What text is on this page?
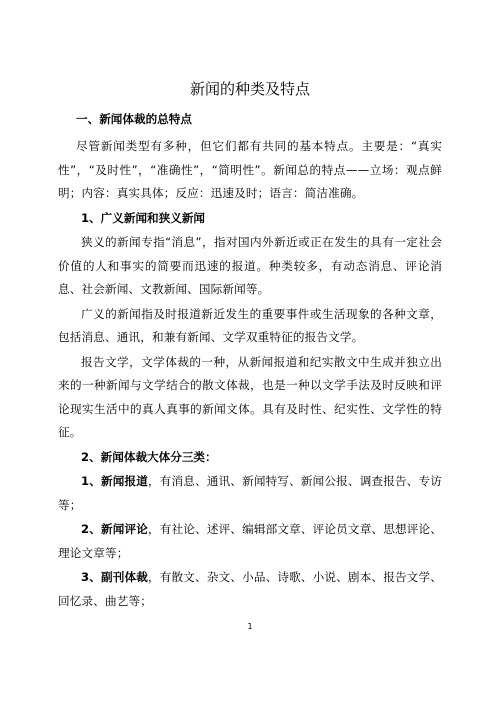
新闻的种类及特点
一、新闻体裁的总特点

尽管新闻类型有多种，但它们都有共同的基本特点。主要是：“真实性”，“及时性”，“准确性”，“简明性”。新闻总的特点——立场：观点鲜明；内容：真实具体；反应：迅速及时；语言：简洁准确。

1、广义新闻和狭义新闻

狭义的新闻专指“消息”，指对国内外新近或正在发生的具有一定社会价值的人和事实的简要而迅速的报道。种类较多，有动态消息、评论消息、社会新闻、文教新闻、国际新闻等。

广义的新闻指及时报道新近发生的重要事件或生活现象的各种文章，包括消息、通讯，和兼有新闻、文学双重特征的报告文学。

报告文学，文学体裁的一种，从新闻报道和纪实散文中生成并独立出来的一种新闻与文学结合的散文体裁，也是一种以文学手法及时反映和评论现实生活中的真人真事的新闻文体。具有及时性、纪实性、文学性的特征。

2、新闻体裁大体分三类：

1、新闻报道，有消息、通讯、新闻特写、新闻公报、调查报告、专访等；

2、新闻评论，有社论、述评、编辑部文章、评论员文章、思想评论、理论文章等；

3、副刊体裁，有散文、杂文、小品、诗歌、小说、剧本、报告文学、回忆录、曲艺等；

1
